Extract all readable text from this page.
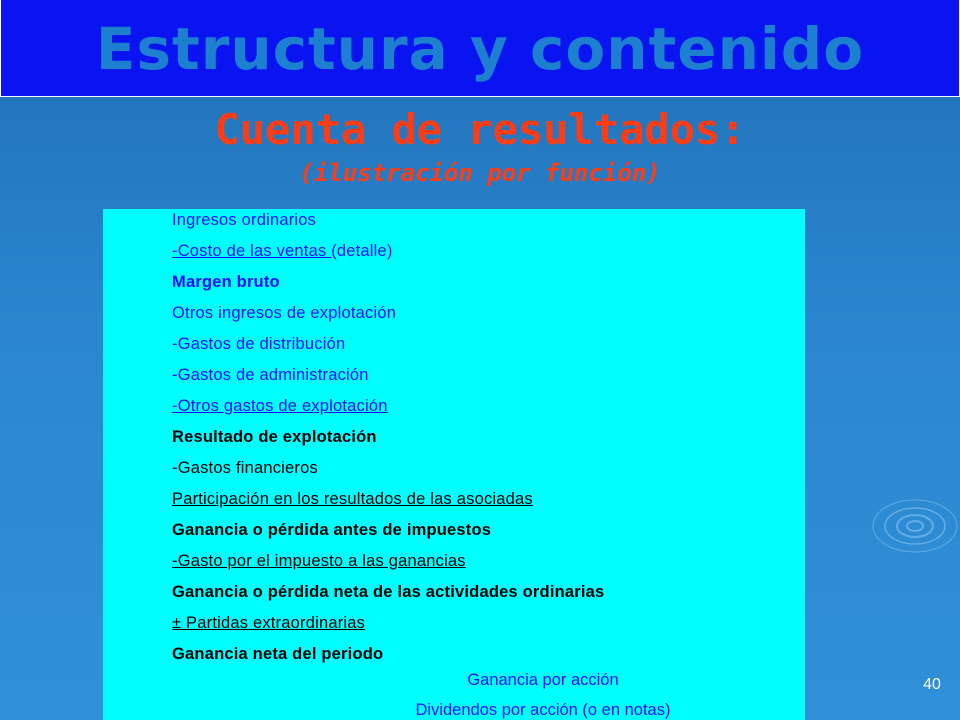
Estructura y contenido
Cuenta de resultados:
(ilustración por función)
Ingresos ordinarios
-Costo de las ventas (detalle)
Margen bruto
Otros ingresos de explotación
-Gastos de distribución
-Gastos de administración
-Otros gastos de explotación
Resultado de explotación
-Gastos financieros
Participación en los resultados de las asociadas
Ganancia o pérdida antes de impuestos
-Gasto por el impuesto a las ganancias
Ganancia o pérdida neta de las actividades ordinarias
± Partidas extraordinarias
Ganancia neta del periodo
Ganancia por acción
Dividendos por acción (o en notas)
40
